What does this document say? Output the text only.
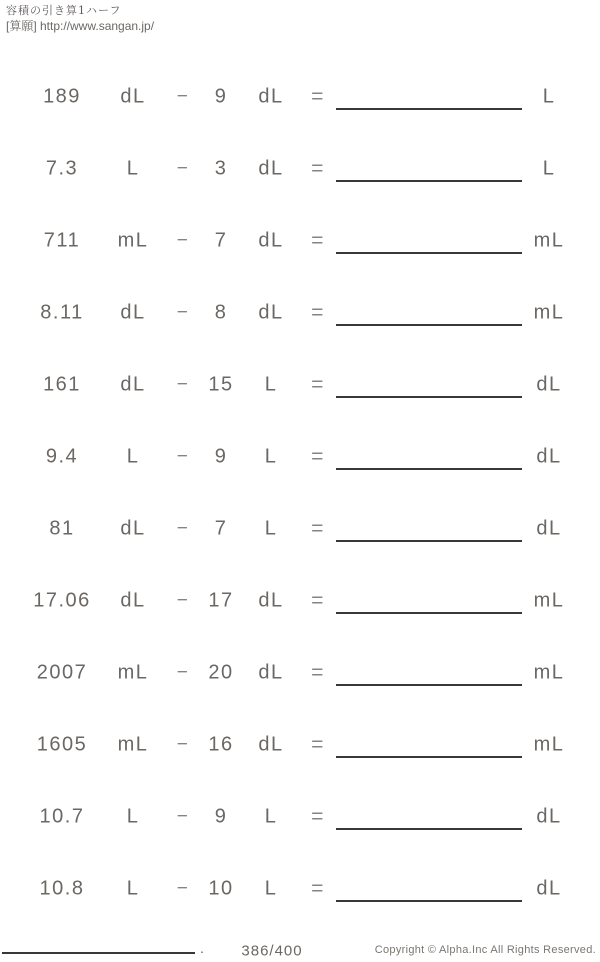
容積の引き算1ハーフ
[算願] http://www.sangan.jp/
189 dL − 9 dL =	L
7.3 L − 3 dL =	L
711 mL − 7 dL =	mL
8.11 dL − 8 dL =	mL
161 dL − 15 L =	dL
9.4 L − 9 L =	dL
81 dL − 7 L =	dL
17.06 dL − 17 dL =	mL
2007 mL − 20 dL =	mL
1605 mL − 16 dL =	mL
10.7 L − 9 L =	dL
10.8 L − 10 L =	dL
. 386/400	Copyright © Alpha.Inc All Rights Reserved.
